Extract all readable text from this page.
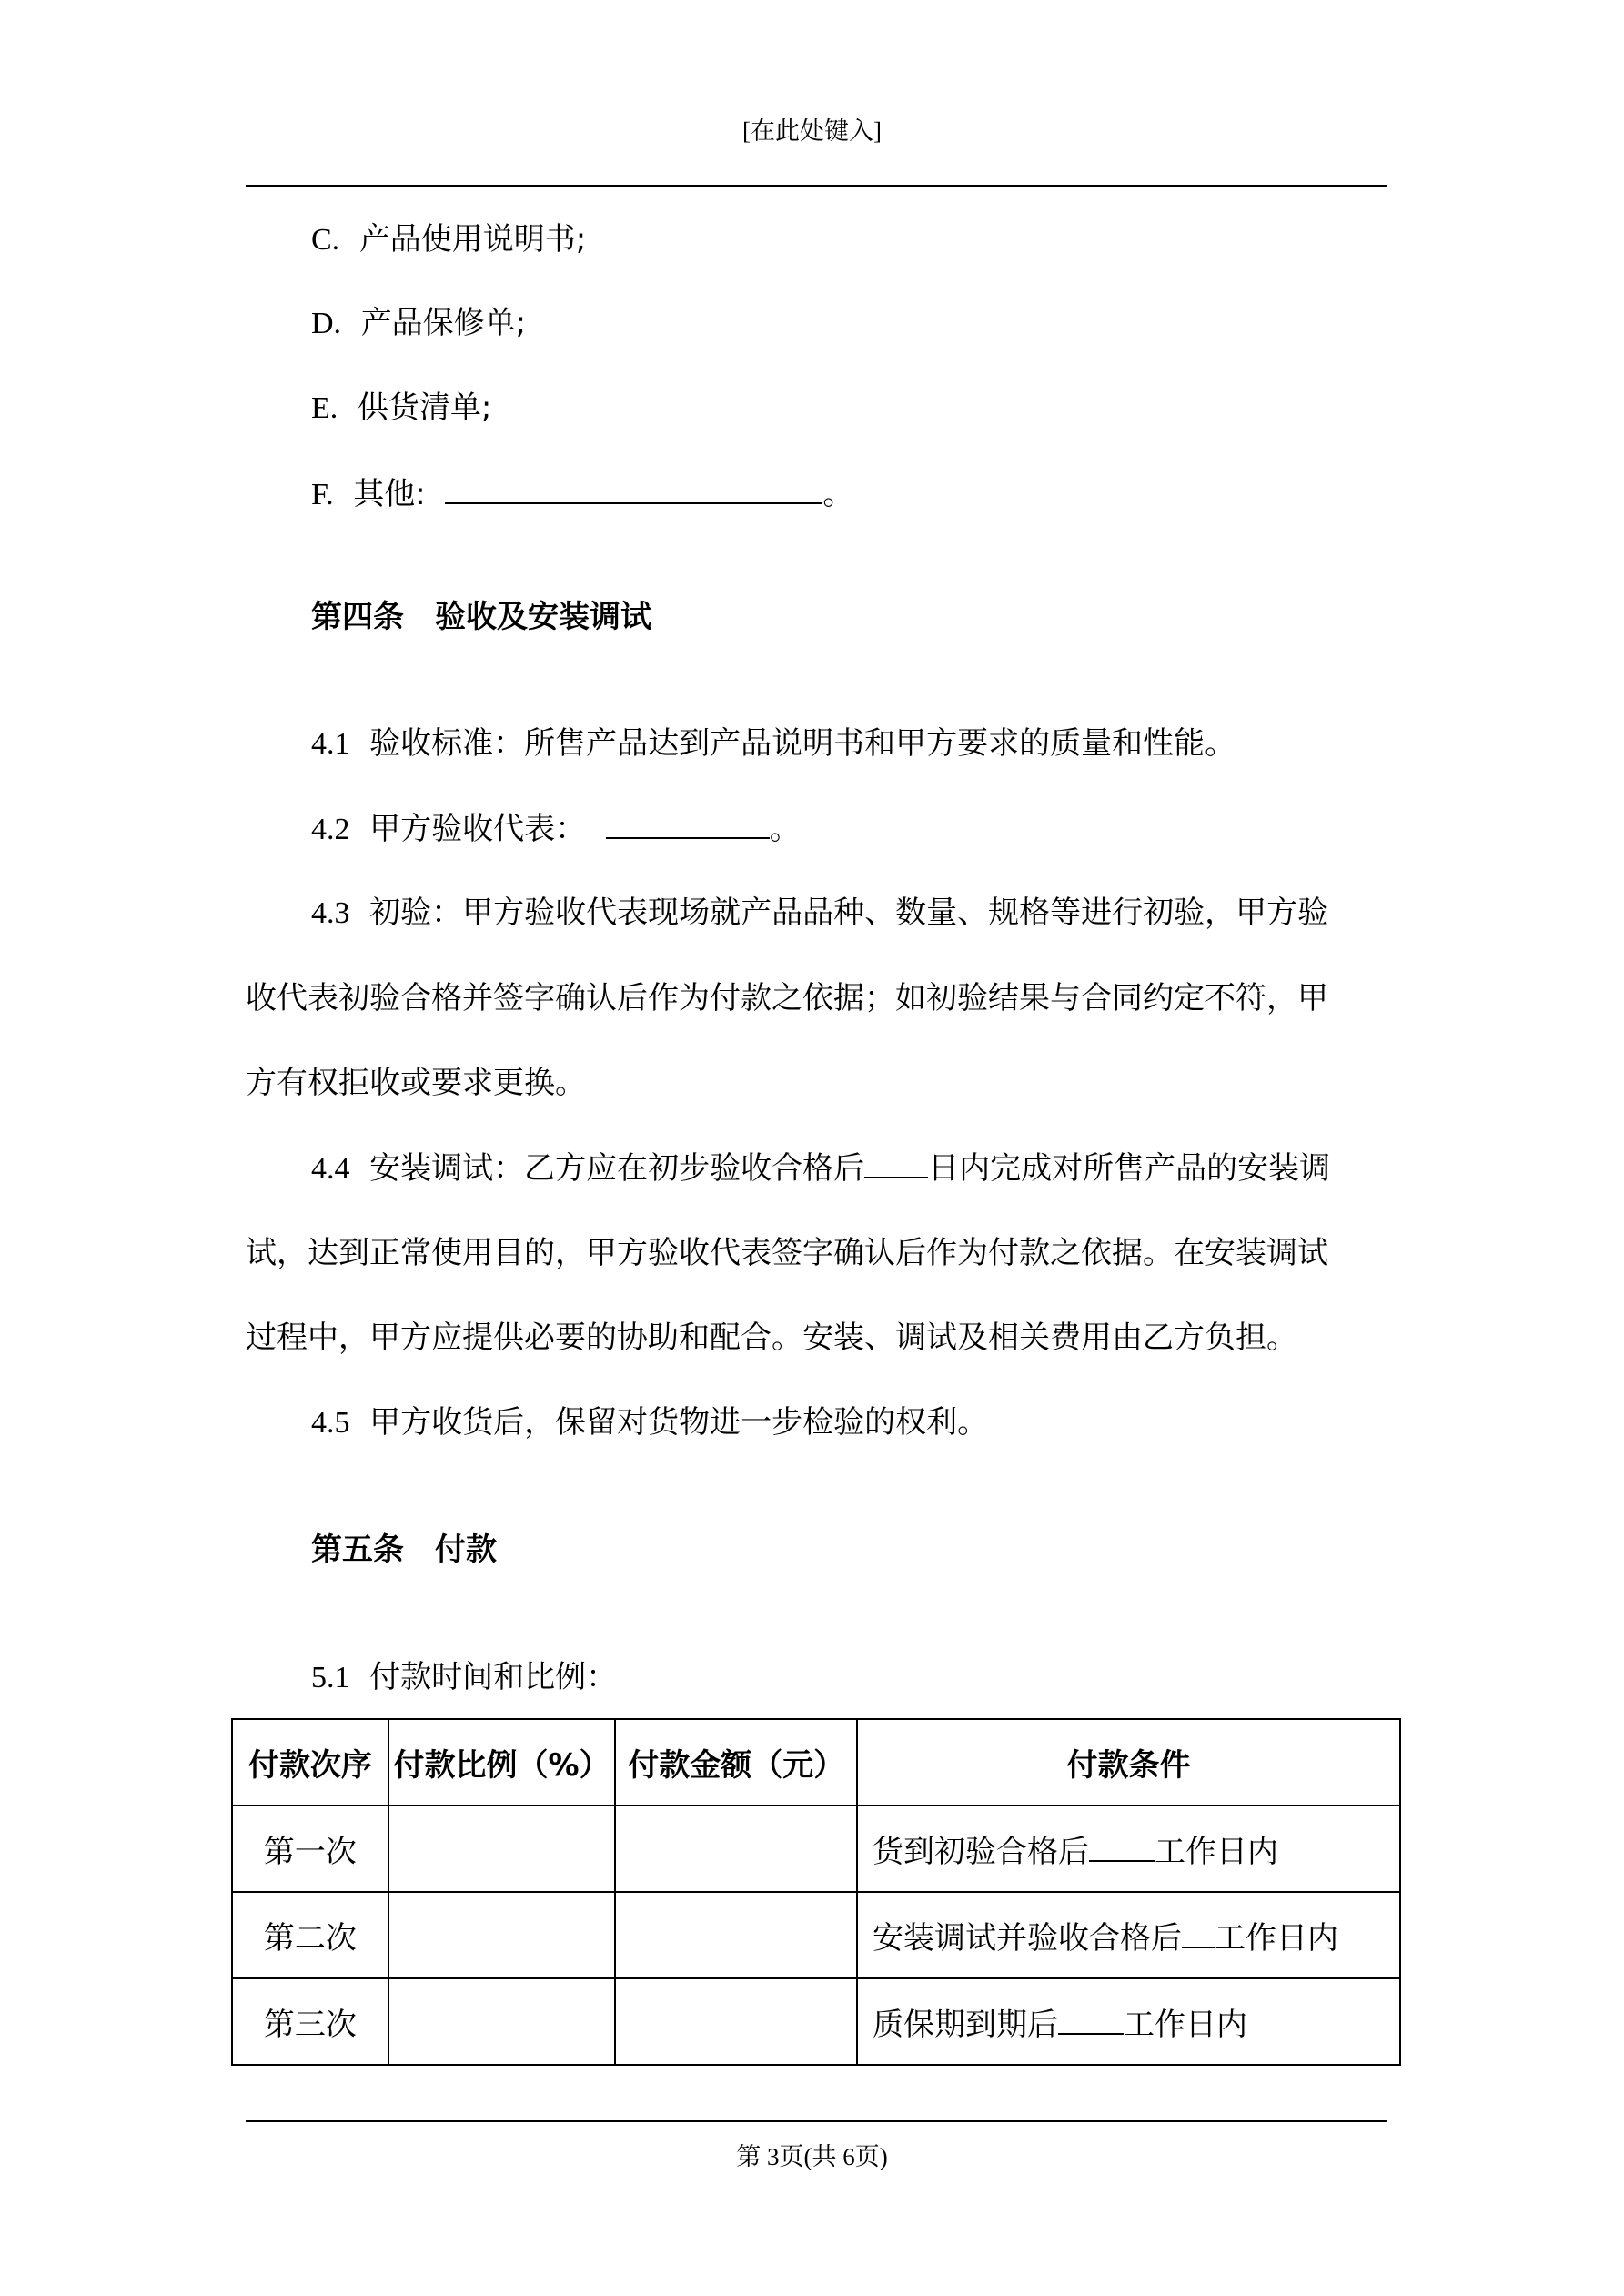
[在此处键入]
C. 产品使用说明书;
D. 产品保修单;
E. 供货清单;
F. 其他:	。
第四条　验收及安装调试
4.1 验收标准：所售产品达到产品说明书和甲方要求的质量和性能。
4.2 甲方验收代表：	。
4.3 初验：甲方验收代表现场就产品品种、数量、规格等进行初验，甲方验
收代表初验合格并签字确认后作为付款之依据；如初验结果与合同约定不符，甲
方有权拒收或要求更换。
4.4 安装调试：乙方应在初步验收合格后 日内完成对所售产品的安装调
试，达到正常使用目的，甲方验收代表签字确认后作为付款之依据。在安装调试
过程中，甲方应提供必要的协助和配合。安装、调试及相关费用由乙方负担。
4.5 甲方收货后，保留对货物进一步检验的权利。
第五条　付款
5.1 付款时间和比例：
付款次序	付款比例（%）	付款金额（元）	付款条件
第一次			货到初验合格后 工作日内
第二次			安装调试并验收合格后 工作日内
第三次			质保期到期后 工作日内
第 3页(共 6页)
